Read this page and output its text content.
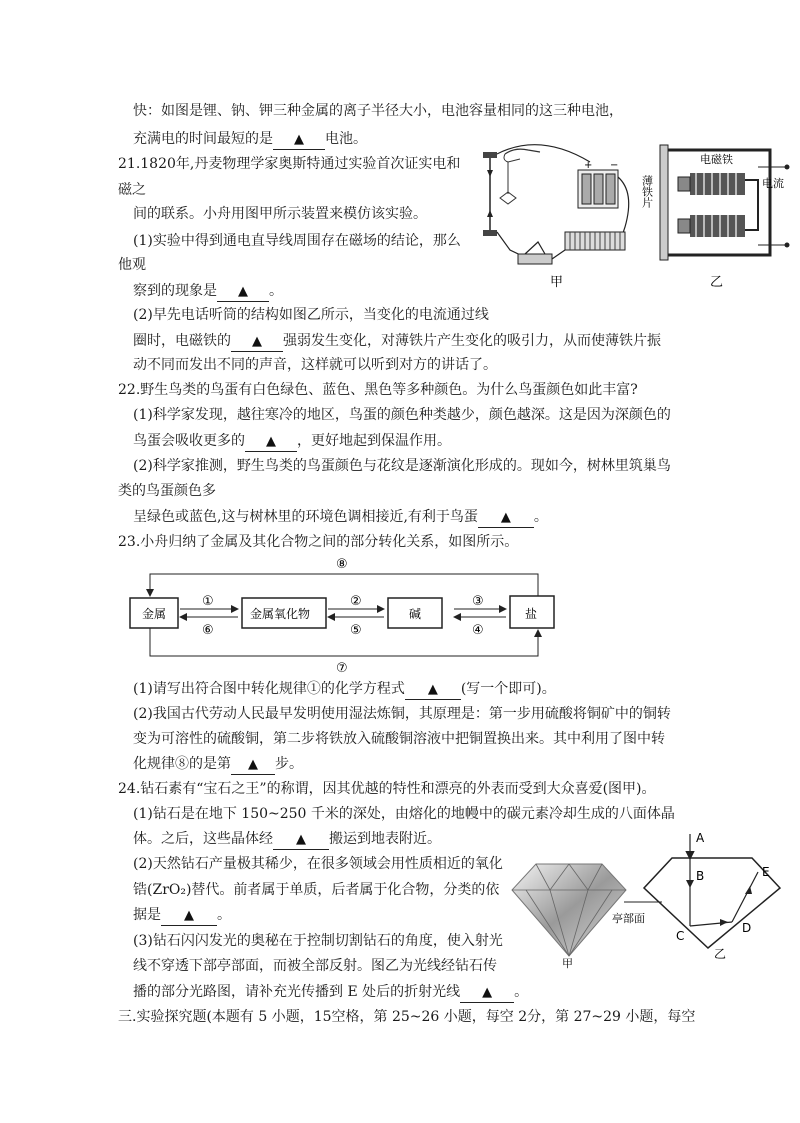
快：如图是锂、钠、钾三种金属的离子半径大小，电池容量相同的这三种电池，
充满电的时间最短的是 ▲ 电池。
21.1820年,丹麦物理学家奥斯特通过实验首次证实电和
磁之
间的联系。小舟用图甲所示装置来模仿该实验。
(1)实验中得到通电直导线周围存在磁场的结论，那么
他观
察到的现象是 ▲ 。
(2)早先电话听筒的结构如图乙所示，当变化的电流通过线
圈时，电磁铁的 ▲ 强弱发生变化，对薄铁片产生变化的吸引力，从而使薄铁片振
动不同而发出不同的声音，这样就可以听到对方的讲话了。
+ −
甲
薄铁片
电磁铁
电流
乙
22.野生鸟类的鸟蛋有白色绿色、蓝色、黑色等多种颜色。为什么鸟蛋颜色如此丰富?
(1)科学家发现，越往寒冷的地区，鸟蛋的颜色种类越少，颜色越深。这是因为深颜色的
鸟蛋会吸收更多的 ▲ ，更好地起到保温作用。
(2)科学家推测，野生鸟类的鸟蛋颜色与花纹是逐渐演化形成的。现如今，树林里筑巢鸟
类的鸟蛋颜色多
呈绿色或蓝色,这与树林里的环境色调相接近,有利于鸟蛋 ▲ 。
23.小舟归纳了金属及其化合物之间的部分转化关系，如图所示。
金属	金属氧化物	碱	盐
①
⑥
②
⑤
③
④
⑧
⑦
(1)请写出符合图中转化规律①的化学方程式 ▲ (写一个即可)。
(2)我国古代劳动人民最早发明使用湿法炼铜，其原理是：第一步用硫酸将铜矿中的铜转
变为可溶性的硫酸铜，第二步将铁放入硫酸铜溶液中把铜置换出来。其中利用了图中转
化规律⑧的是第 ▲ 步。
24.钻石素有“宝石之王”的称谓，因其优越的特性和漂亮的外表而受到大众喜爱(图甲)。
(1)钻石是在地下 150~250 千米的深处，由熔化的地幔中的碳元素冷却生成的八面体晶
体。之后，这些晶体经 ▲ 搬运到地表附近。
(2)天然钻石产量极其稀少，在很多领域会用性质相近的氧化
锆(ZrO₂)替代。前者属于单质，后者属于化合物，分类的依
据是 ▲ 。
(3)钻石闪闪发光的奥秘在于控制切割钻石的角度，使入射光
线不穿透下部亭部面，而被全部反射。图乙为光线经钻石传
播的部分光路图，请补充光传播到 E 处后的折射光线 ▲ 。
甲
亭部面
A
B
C
D
E
乙
三.实验探究题(本题有 5 小题，15空格，第 25~26 小题，每空 2分，第 27~29 小题，每空
